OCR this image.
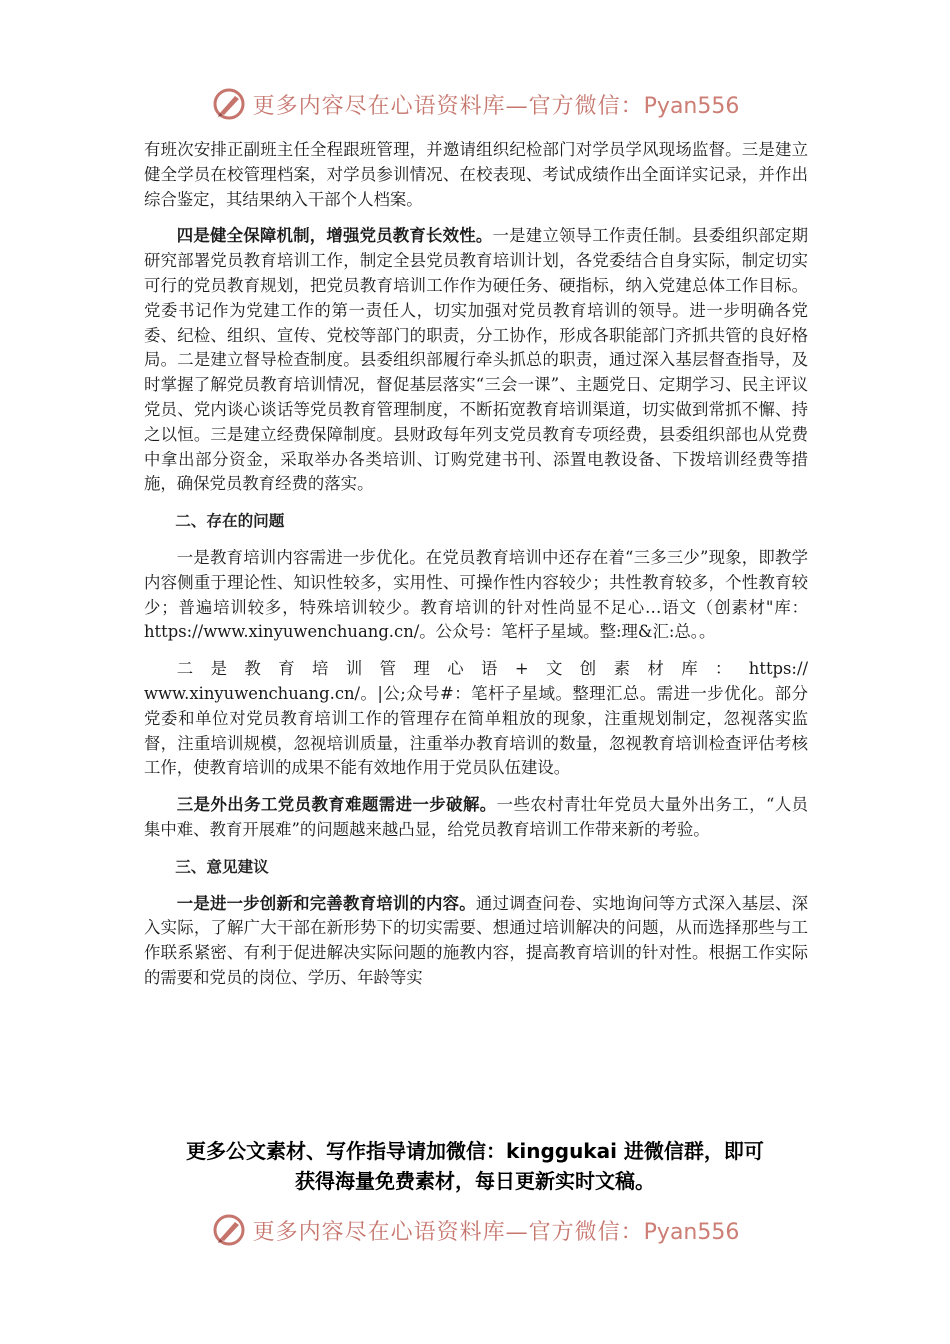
更多内容尽在心语资料库—官方微信：Pyan556

有班次安排正副班主任全程跟班管理，并邀请组织纪检部门对学员学风现场监督。三是建立健全学员在校管理档案，对学员参训情况、在校表现、考试成绩作出全面详实记录，并作出综合鉴定，其结果纳入干部个人档案。

四是健全保障机制，增强党员教育长效性。一是建立领导工作责任制。县委组织部定期研究部署党员教育培训工作，制定全县党员教育培训计划，各党委结合自身实际，制定切实可行的党员教育规划，把党员教育培训工作作为硬任务、硬指标，纳入党建总体工作目标。党委书记作为党建工作的第一责任人，切实加强对党员教育培训的领导。进一步明确各党委、纪检、组织、宣传、党校等部门的职责，分工协作，形成各职能部门齐抓共管的良好格局。二是建立督导检查制度。县委组织部履行牵头抓总的职责，通过深入基层督查指导，及时掌握了解党员教育培训情况，督促基层落实“三会一课”、主题党日、定期学习、民主评议党员、党内谈心谈话等党员教育管理制度，不断拓宽教育培训渠道，切实做到常抓不懈、持之以恒。三是建立经费保障制度。县财政每年列支党员教育专项经费，县委组织部也从党费中拿出部分资金，采取举办各类培训、订购党建书刊、添置电教设备、下拨培训经费等措施，确保党员教育经费的落实。

二、存在的问题

一是教育培训内容需进一步优化。在党员教育培训中还存在着“三多三少”现象，即教学内容侧重于理论性、知识性较多，实用性、可操作性内容较少；共性教育较多，个性教育较少；普遍培训较多，特殊培训较少。教育培训的针对性尚显不足心…语文（创素材"库：https://www.xinyuwenchuang.cn/。公众号：笔杆子星域。整:理&汇:总。。

二是教育培训管理心语+文创素材库：https://

www.xinyuwenchuang.cn/。|公;众号#：笔杆子星域。整理汇总。需进一步优化。部分党委和单位对党员教育培训工作的管理存在简单粗放的现象，注重规划制定，忽视落实监督，注重培训规模，忽视培训质量，注重举办教育培训的数量，忽视教育培训检查评估考核工作，使教育培训的成果不能有效地作用于党员队伍建设。

三是外出务工党员教育难题需进一步破解。一些农村青壮年党员大量外出务工，“人员集中难、教育开展难”的问题越来越凸显，给党员教育培训工作带来新的考验。

三、意见建议

一是进一步创新和完善教育培训的内容。通过调查问卷、实地询问等方式深入基层、深入实际，了解广大干部在新形势下的切实需要、想通过培训解决的问题，从而选择那些与工作联系紧密、有利于促进解决实际问题的施教内容，提高教育培训的针对性。根据工作实际的需要和党员的岗位、学历、年龄等实

更多公文素材、写作指导请加微信：kinggukai 进微信群，即可
获得海量免费素材，每日更新实时文稿。
更多内容尽在心语资料库—官方微信：Pyan556
